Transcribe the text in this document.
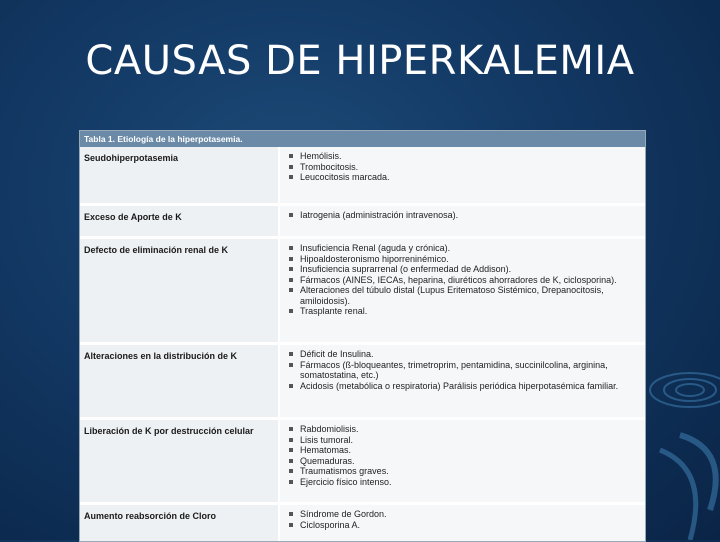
CAUSAS DE HIPERKALEMIA
Tabla 1. Etiología de la hiperpotasemia.
Seudohiperpotasemia	Hemólisis.
Trombocitosis.
Leucocitosis marcada.
Exceso de Aporte de K	Iatrogenia (administración intravenosa).
Defecto de eliminación renal de K	Insuficiencia Renal (aguda y crónica).
Hipoaldosteronismo hiporreninémico.
Insuficiencia suprarrenal (o enfermedad de Addison).
Fármacos (AINES, IECAs, heparina, diuréticos ahorradores de K, ciclosporina).
Alteraciones del túbulo distal (Lupus Eritematoso Sistémico, Drepanocitosis, amiloidosis).
Trasplante renal.
Alteraciones en la distribución de K	Déficit de Insulina.
Fármacos (ß-bloqueantes, trimetroprim, pentamidina, succinilcolina, arginina, somatostatina, etc.)
Acidosis (metabólica o respiratoria) Parálisis periódica hiperpotasémica familiar.
Liberación de K por destrucción celular	Rabdomiolisis.
Lisis tumoral.
Hematomas.
Quemaduras.
Traumatismos graves.
Ejercicio físico intenso.
Aumento reabsorción de Cloro	Síndrome de Gordon.
Ciclosporina A.
